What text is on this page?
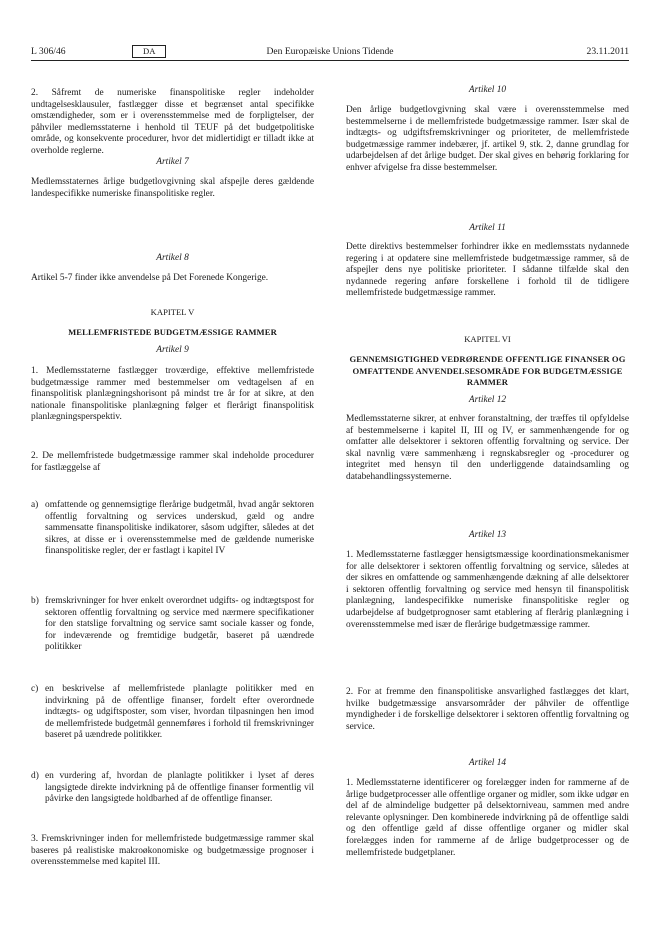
L 306/46	DA	Den Europæiske Unions Tidende	23.11.2011

2. Såfremt de numeriske finanspolitiske regler indeholder undtagelsesklausuler, fastlægger disse et begrænset antal specifikke omstændigheder, som er i overensstemmelse med de forpligtelser, der påhviler medlemsstaterne i henhold til TEUF på det budgetpolitiske område, og konsekvente procedurer, hvor det midlertidigt er tilladt ikke at overholde reglerne.

Artikel 7

Medlemsstaternes årlige budgetlovgivning skal afspejle deres gældende landespecifikke numeriske finanspolitiske regler.

Artikel 8

Artikel 5-7 finder ikke anvendelse på Det Forenede Kongerige.

KAPITEL V
MELLEMFRISTEDE BUDGETMÆSSIGE RAMMER
Artikel 9

1. Medlemsstaterne fastlægger troværdige, effektive mellemfristede budgetmæssige rammer med bestemmelser om vedtagelsen af en finanspolitisk planlægningshorisont på mindst tre år for at sikre, at den nationale finanspolitiske planlægning følger et flerårigt finanspolitisk planlægningsperspektiv.

2. De mellemfristede budgetmæssige rammer skal indeholde procedurer for fastlæggelse af

a) omfattende og gennemsigtige flerårige budgetmål, hvad angår sektoren offentlig forvaltning og services underskud, gæld og andre sammensatte finanspolitiske indikatorer, såsom udgifter, således at det sikres, at disse er i overensstemmelse med de gældende numeriske finanspolitiske regler, der er fastlagt i kapitel IV
b) fremskrivninger for hver enkelt overordnet udgifts- og indtægtspost for sektoren offentlig forvaltning og service med nærmere specifikationer for den statslige forvaltning og service samt sociale kasser og fonde, for indeværende og fremtidige budgetår, baseret på uændrede politikker
c) en beskrivelse af mellemfristede planlagte politikker med en indvirkning på de offentlige finanser, fordelt efter overordnede indtægts- og udgiftsposter, som viser, hvordan tilpasningen hen imod de mellemfristede budgetmål gennemføres i forhold til fremskrivninger baseret på uændrede politikker.
d) en vurdering af, hvordan de planlagte politikker i lyset af deres langsigtede direkte indvirkning på de offentlige finanser formentlig vil påvirke den langsigtede holdbarhed af de offentlige finanser.

3. Fremskrivninger inden for mellemfristede budgetmæssige rammer skal baseres på realistiske makroøkonomiske og budgetmæssige prognoser i overensstemmelse med kapitel III.

Artikel 10

Den årlige budgetlovgivning skal være i overensstemmelse med bestemmelserne i de mellemfristede budgetmæssige rammer. Især skal de indtægts- og udgiftsfremskrivninger og prioriteter, de mellemfristede budgetmæssige rammer indebærer, jf. artikel 9, stk. 2, danne grundlag for udarbejdelsen af det årlige budget. Der skal gives en behørig forklaring for enhver afvigelse fra disse bestemmelser.

Artikel 11

Dette direktivs bestemmelser forhindrer ikke en medlemsstats nydannede regering i at opdatere sine mellemfristede budgetmæssige rammer, så de afspejler dens nye politiske prioriteter. I sådanne tilfælde skal den nydannede regering anføre forskellene i forhold til de tidligere mellemfristede budgetmæssige rammer.

KAPITEL VI
GENNEMSIGTIGHED VEDRØRENDE OFFENTLIGE FINANSER OG OMFATTENDE ANVENDELSESOMRÅDE FOR BUDGETMÆSSIGE RAMMER
Artikel 12

Medlemsstaterne sikrer, at enhver foranstaltning, der træffes til opfyldelse af bestemmelserne i kapitel II, III og IV, er sammenhængende for og omfatter alle delsektorer i sektoren offentlig forvaltning og service. Der skal navnlig være sammenhæng i regnskabsregler og -procedurer og integritet med hensyn til den underliggende dataindsamling og databehandlingssystemerne.

Artikel 13

1. Medlemsstaterne fastlægger hensigtsmæssige koordinationsmekanismer for alle delsektorer i sektoren offentlig forvaltning og service, således at der sikres en omfattende og sammenhængende dækning af alle delsektorer i sektoren offentlig forvaltning og service med hensyn til finanspolitisk planlægning, landespecifikke numeriske finanspolitiske regler og udarbejdelse af budgetprognoser samt etablering af flerårig planlægning i overensstemmelse med især de flerårige budgetmæssige rammer.

2. For at fremme den finanspolitiske ansvarlighed fastlægges det klart, hvilke budgetmæssige ansvarsområder der påhviler de offentlige myndigheder i de forskellige delsektorer i sektoren offentlig forvaltning og service.

Artikel 14

1. Medlemsstaterne identificerer og forelægger inden for rammerne af de årlige budgetprocesser alle offentlige organer og midler, som ikke udgør en del af de almindelige budgetter på delsektorniveau, sammen med andre relevante oplysninger. Den kombinerede indvirkning på de offentlige saldi og den offentlige gæld af disse offentlige organer og midler skal forelægges inden for rammerne af de årlige budgetprocesser og de mellemfristede budgetplaner.
